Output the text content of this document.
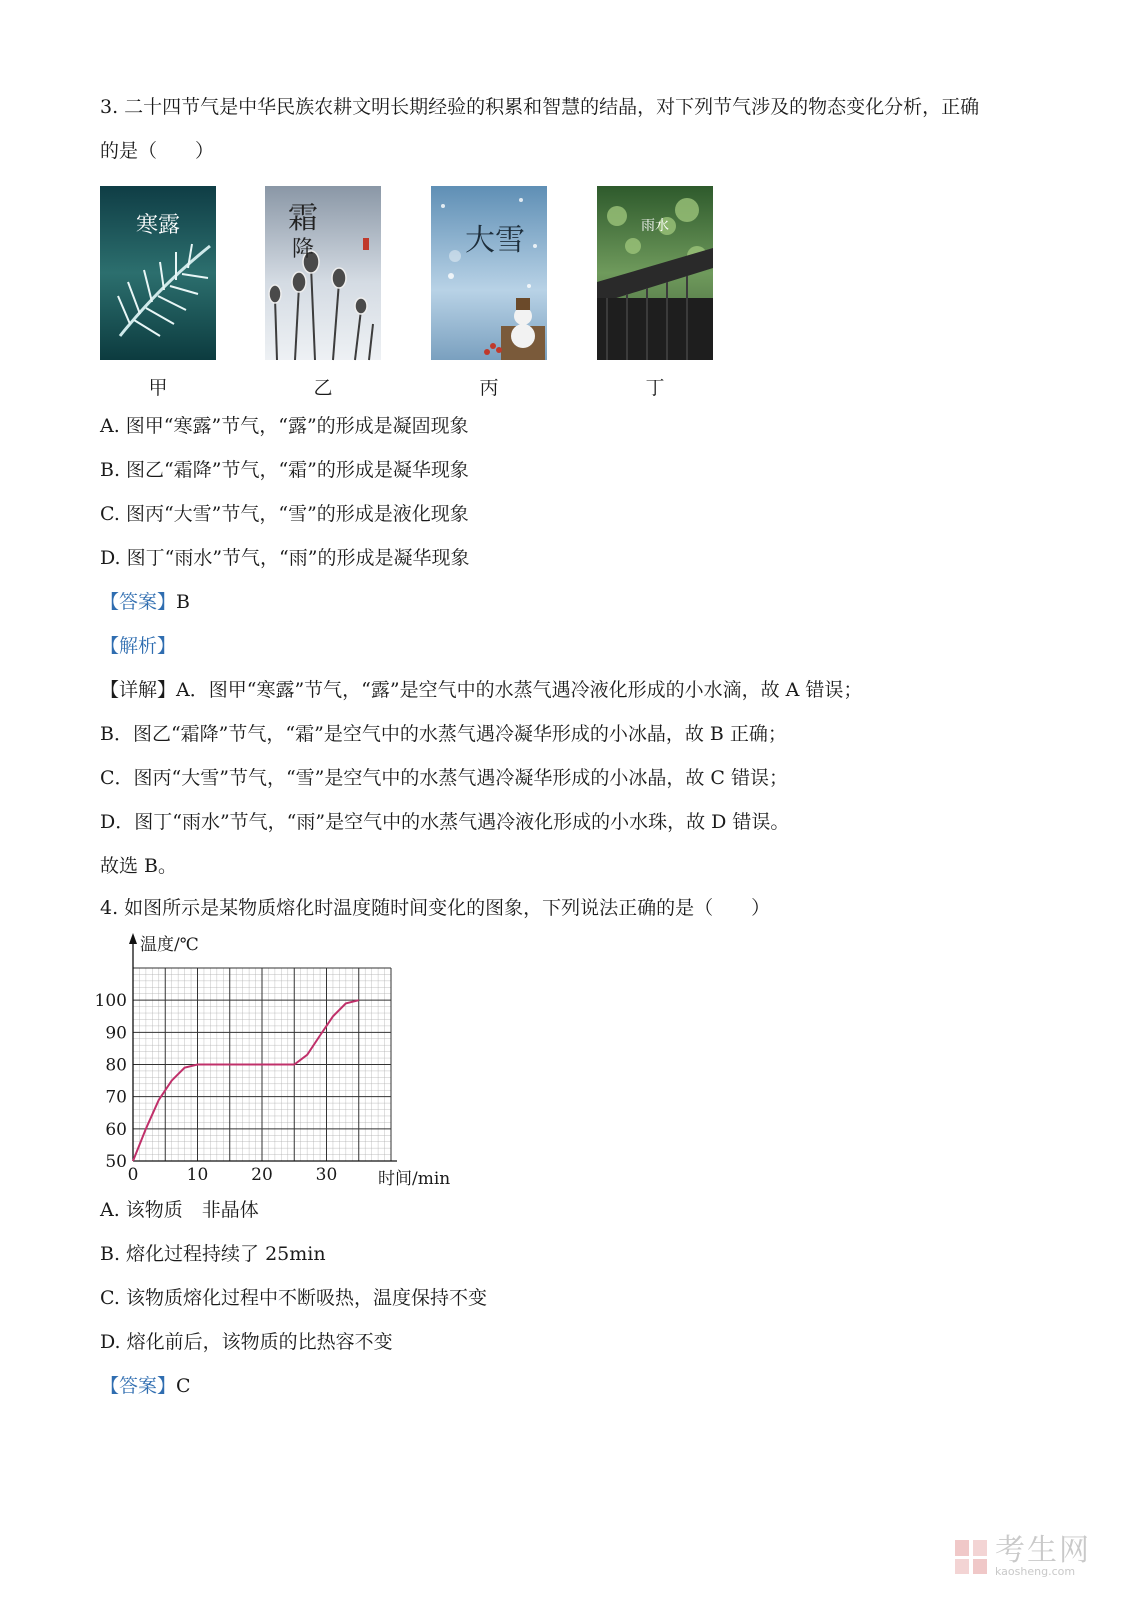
3. 二十四节气是中华民族农耕文明长期经验的积累和智慧的结晶，对下列节气涉及的物态变化分析，正确
的是（　　）
寒露
甲
霜
降
乙
大雪
丙
雨水
丁
A. 图甲“寒露”节气，“露”的形成是凝固现象
B. 图乙“霜降”节气，“霜”的形成是凝华现象
C. 图丙“大雪”节气，“雪”的形成是液化现象
D. 图丁“雨水”节气，“雨”的形成是凝华现象
【答案】B
【解析】
【详解】A．图甲“寒露”节气，“露”是空气中的水蒸气遇冷液化形成的小水滴，故 A 错误；
B．图乙“霜降”节气，“霜”是空气中的水蒸气遇冷凝华形成的小冰晶，故 B 正确；
C．图丙“大雪”节气，“雪”是空气中的水蒸气遇冷凝华形成的小冰晶，故 C 错误；
D．图丁“雨水”节气，“雨”是空气中的水蒸气遇冷液化形成的小水珠，故 D 错误。
故选 B。
4. 如图所示是某物质熔化时温度随时间变化的图象，下列说法正确的是（　　）
50
60
70
80
90
100
0	10	20	30
温度/℃
时间/min
A. 该物质　非晶体
B. 熔化过程持续了 25min
C. 该物质熔化过程中不断吸热，温度保持不变
D. 熔化前后，该物质的比热容不变
【答案】C
考生网
kaosheng.com
